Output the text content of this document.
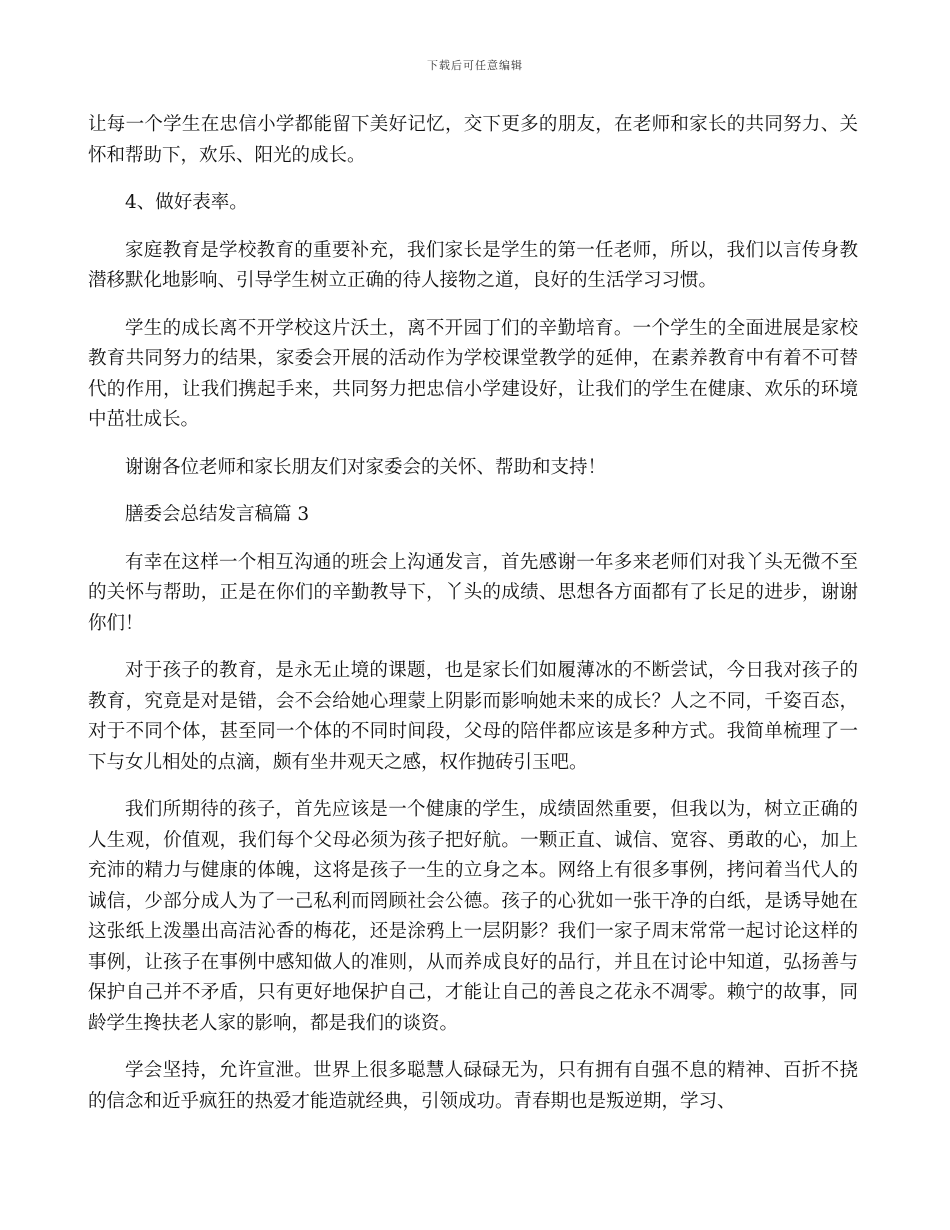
下载后可任意编辑

让每一个学生在忠信小学都能留下美好记忆，交下更多的朋友，在老师和家长的共同努力、关怀和帮助下，欢乐、阳光的成长。

4、做好表率。

家庭教育是学校教育的重要补充，我们家长是学生的第一任老师，所以，我们以言传身教潜移默化地影响、引导学生树立正确的待人接物之道，良好的生活学习习惯。

学生的成长离不开学校这片沃土，离不开园丁们的辛勤培育。一个学生的全面进展是家校教育共同努力的结果，家委会开展的活动作为学校课堂教学的延伸，在素养教育中有着不可替代的作用，让我们携起手来，共同努力把忠信小学建设好，让我们的学生在健康、欢乐的环境中茁壮成长。

谢谢各位老师和家长朋友们对家委会的关怀、帮助和支持！

膳委会总结发言稿篇 3

有幸在这样一个相互沟通的班会上沟通发言，首先感谢一年多来老师们对我丫头无微不至的关怀与帮助，正是在你们的辛勤教导下，丫头的成绩、思想各方面都有了长足的进步，谢谢你们！

对于孩子的教育，是永无止境的课题，也是家长们如履薄冰的不断尝试，今日我对孩子的教育，究竟是对是错，会不会给她心理蒙上阴影而影响她未来的成长？人之不同，千姿百态，对于不同个体，甚至同一个体的不同时间段，父母的陪伴都应该是多种方式。我简单梳理了一下与女儿相处的点滴，颇有坐井观天之感，权作抛砖引玉吧。

我们所期待的孩子，首先应该是一个健康的学生，成绩固然重要，但我以为，树立正确的人生观，价值观，我们每个父母必须为孩子把好航。一颗正直、诚信、宽容、勇敢的心，加上充沛的精力与健康的体魄，这将是孩子一生的立身之本。网络上有很多事例，拷问着当代人的诚信，少部分成人为了一己私利而罔顾社会公德。孩子的心犹如一张干净的白纸，是诱导她在这张纸上泼墨出高洁沁香的梅花，还是涂鸦上一层阴影？我们一家子周末常常一起讨论这样的事例，让孩子在事例中感知做人的准则，从而养成良好的品行，并且在讨论中知道，弘扬善与保护自己并不矛盾，只有更好地保护自己，才能让自己的善良之花永不凋零。赖宁的故事，同龄学生搀扶老人家的影响，都是我们的谈资。

学会坚持，允许宣泄。世界上很多聪慧人碌碌无为，只有拥有自强不息的精神、百折不挠的信念和近乎疯狂的热爱才能造就经典，引领成功。青春期也是叛逆期，学习、
